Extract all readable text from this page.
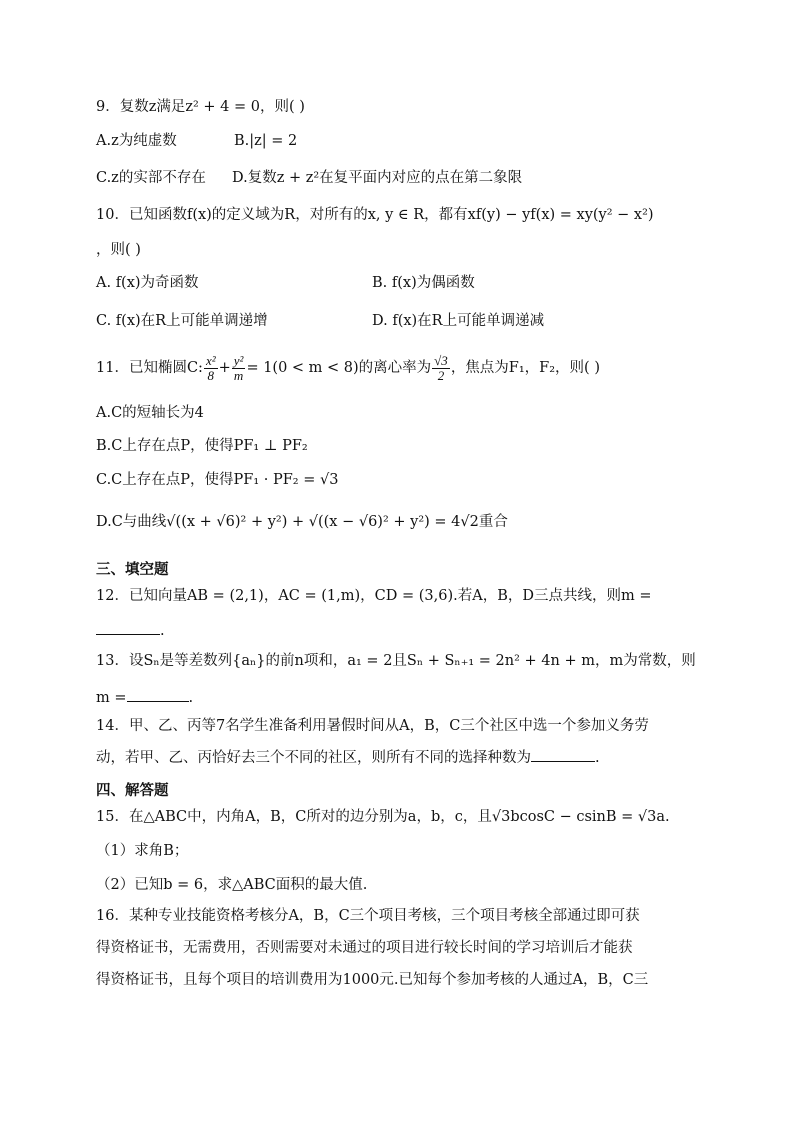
9．复数z满足z² + 4 = 0，则( )
A.z为纯虚数	B.|z| = 2
C.z的实部不存在 D.复数z + z²在复平面内对应的点在第二象限
10．已知函数f(x)的定义域为R，对所有的x, y ∈ R，都有xf(y) − yf(x) = xy(y² − x²)
，则( )
A. f(x)为奇函数	B. f(x)为偶函数
C. f(x)在R上可能单调递增	D. f(x)在R上可能单调递减
11．已知椭圆C: $\frac{\text{x²}}{8} + \frac{\text{y²}}{m} = 1(0 < m < 8)$的离心率为 $\frac{√3}{2}$ ，焦点为F₁，F₂，则( )
A.C的短轴长为4
B.C上存在点P，使得PF₁ ⊥ PF₂
C.C上存在点P，使得PF₁ · PF₂ = √3
D.C与曲线√((x + √6)² + y²) + √((x − √6)² + y²) = 4√2重合
三、填空题
12．已知向量AB = (2,1)，AC = (1,m)，CD = (3,6).若A，B，D三点共线，则m =
.
13．设Sₙ是等差数列{aₙ}的前n项和，a₁ = 2且Sₙ + Sₙ₊₁ = 2n² + 4n + m，m为常数，则
m =	.
14．甲、乙、丙等7名学生准备利用暑假时间从A，B，C三个社区中选一个参加义务劳
动，若甲、乙、丙恰好去三个不同的社区，则所有不同的选择种数为	.
四、解答题
15．在△ABC中，内角A，B，C所对的边分别为a，b，c，且√3bcosC − csinB = √3a.
（1）求角B；
（2）已知b = 6，求△ABC面积的最大值.
16．某种专业技能资格考核分A，B，C三个项目考核，三个项目考核全部通过即可获
得资格证书，无需费用，否则需要对未通过的项目进行较长时间的学习培训后才能获
得资格证书，且每个项目的培训费用为1000元.已知每个参加考核的人通过A，B，C三
